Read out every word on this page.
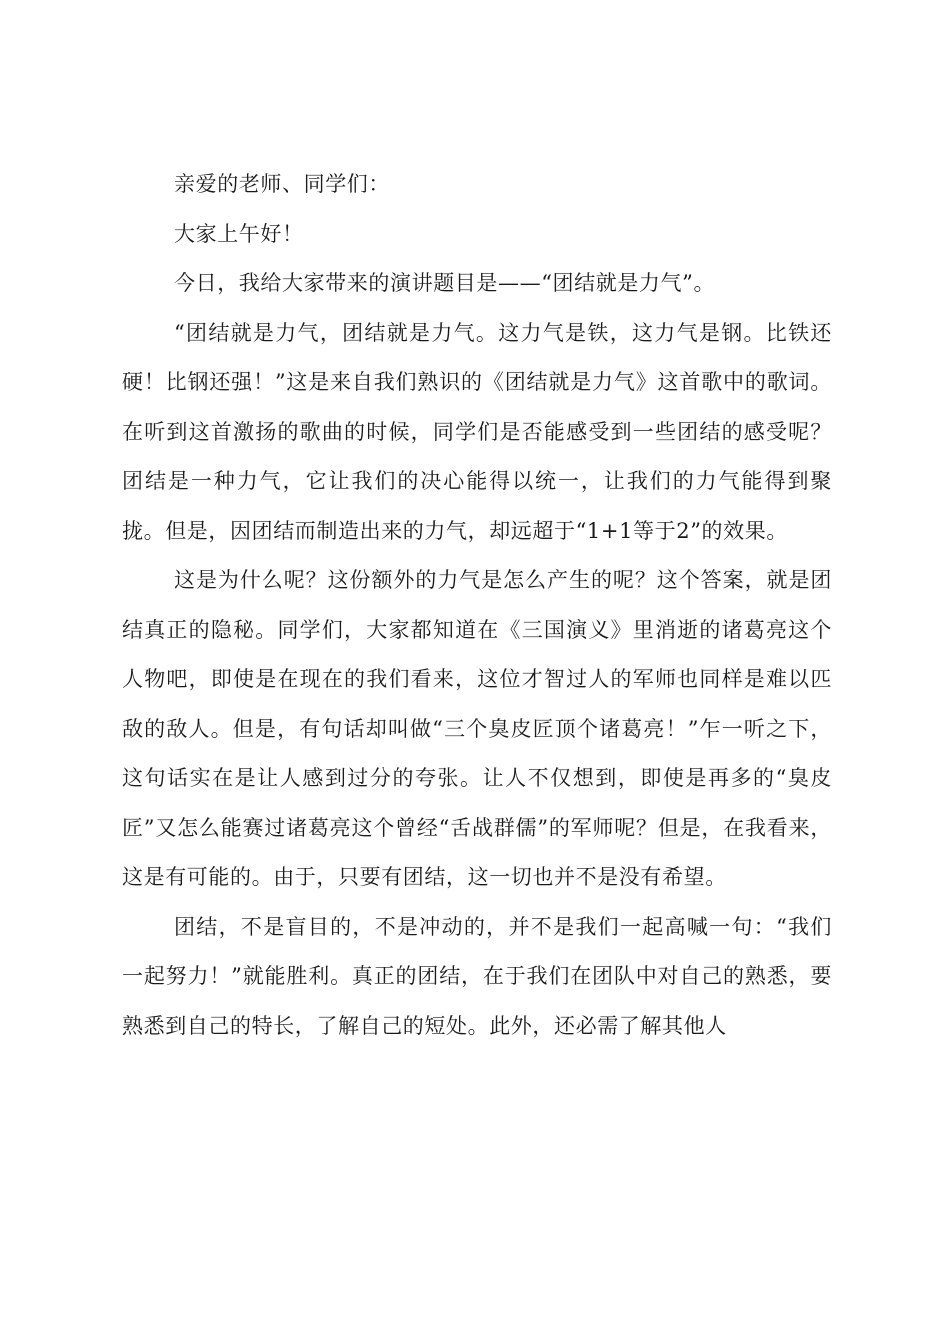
亲爱的老师、同学们：

大家上午好！

今日，我给大家带来的演讲题目是——“团结就是力气”。

“团结就是力气，团结就是力气。这力气是铁，这力气是钢。比铁还硬！比钢还强！”这是来自我们熟识的《团结就是力气》这首歌中的歌词。在听到这首激扬的歌曲的时候，同学们是否能感受到一些团结的感受呢？团结是一种力气，它让我们的决心能得以统一，让我们的力气能得到聚拢。但是，因团结而制造出来的力气，却远超于“1+1等于2”的效果。

这是为什么呢？这份额外的力气是怎么产生的呢？这个答案，就是团结真正的隐秘。同学们，大家都知道在《三国演义》里消逝的诸葛亮这个人物吧，即使是在现在的我们看来，这位才智过人的军师也同样是难以匹敌的敌人。但是，有句话却叫做“三个臭皮匠顶个诸葛亮！”乍一听之下，这句话实在是让人感到过分的夸张。让人不仅想到，即使是再多的“臭皮匠”又怎么能赛过诸葛亮这个曾经“舌战群儒”的军师呢？但是，在我看来，这是有可能的。由于，只要有团结，这一切也并不是没有希望。

团结，不是盲目的，不是冲动的，并不是我们一起高喊一句：“我们一起努力！”就能胜利。真正的团结，在于我们在团队中对自己的熟悉，要熟悉到自己的特长，了解自己的短处。此外，还必需了解其他人
